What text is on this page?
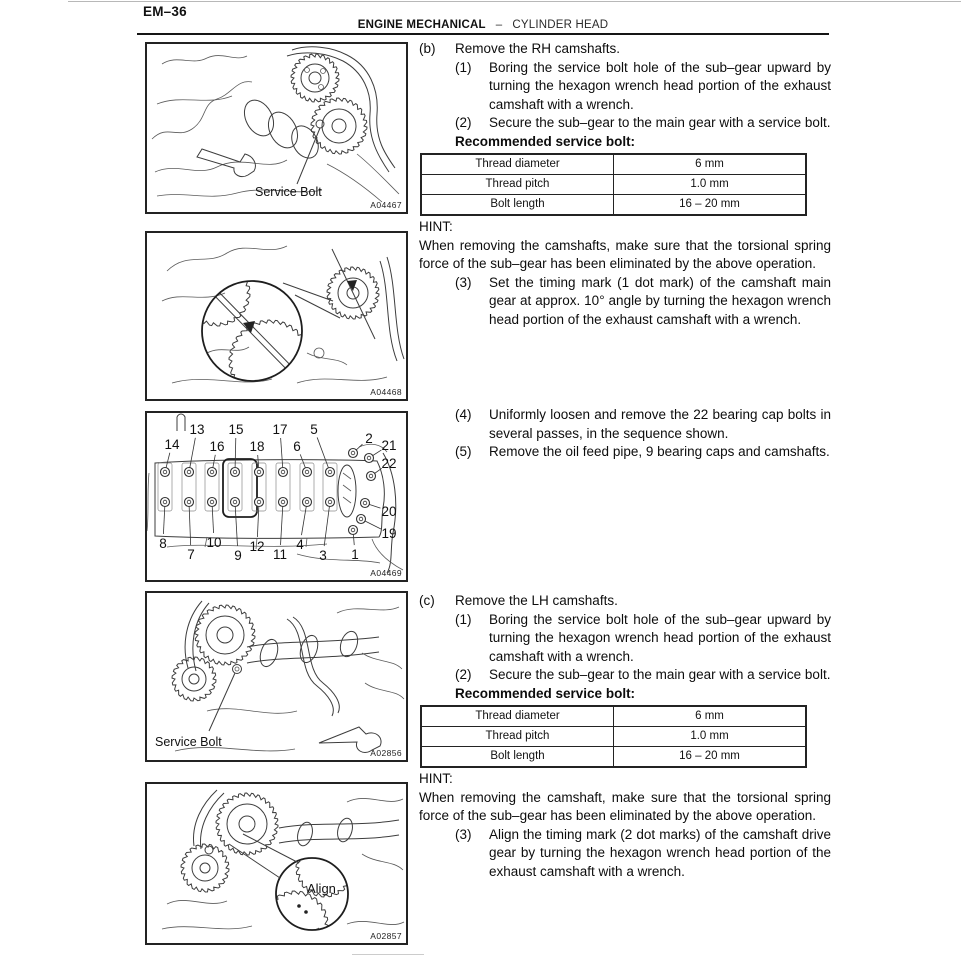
EM–36
ENGINE MECHANICAL – CYLINDER HEAD
Service Bolt
A04467
A04468
13 15 17 5
2 21
14 16 18 6
22
20
19
8
7
10
9
12
11
4
3 1
A04469
Service Bolt
A02856
Align
A02857
(b)	Remove the RH camshafts.
(1)	Boring the service bolt hole of the sub–gear upward by turning the hexagon wrench head portion of the exhaust camshaft with a wrench.
(2)	Secure the sub–gear to the main gear with a service bolt.
Recommended service bolt:
Thread diameter	6 mm
Thread pitch	1.0 mm
Bolt length	16 – 20 mm
HINT:
When removing the camshafts, make sure that the torsional spring force of the sub–gear has been eliminated by the above operation.
(3)	Set the timing mark (1 dot mark) of the camshaft main gear at approx. 10° angle by turning the hexagon wrench head portion of the exhaust camshaft with a wrench.
(4)	Uniformly loosen and remove the 22 bearing cap bolts in several passes, in the sequence shown.
(5)	Remove the oil feed pipe, 9 bearing caps and camshafts.
(c)	Remove the LH camshafts.
(1)	Boring the service bolt hole of the sub–gear upward by turning the hexagon wrench head portion of the exhaust camshaft with a wrench.
(2)	Secure the sub–gear to the main gear with a service bolt.
Recommended service bolt:
Thread diameter	6 mm
Thread pitch	1.0 mm
Bolt length	16 – 20 mm
HINT:
When removing the camshaft, make sure that the torsional spring force of the sub–gear has been eliminated by the above operation.
(3)	Align the timing mark (2 dot marks) of the camshaft drive gear by turning the hexagon wrench head portion of the exhaust camshaft with a wrench.
